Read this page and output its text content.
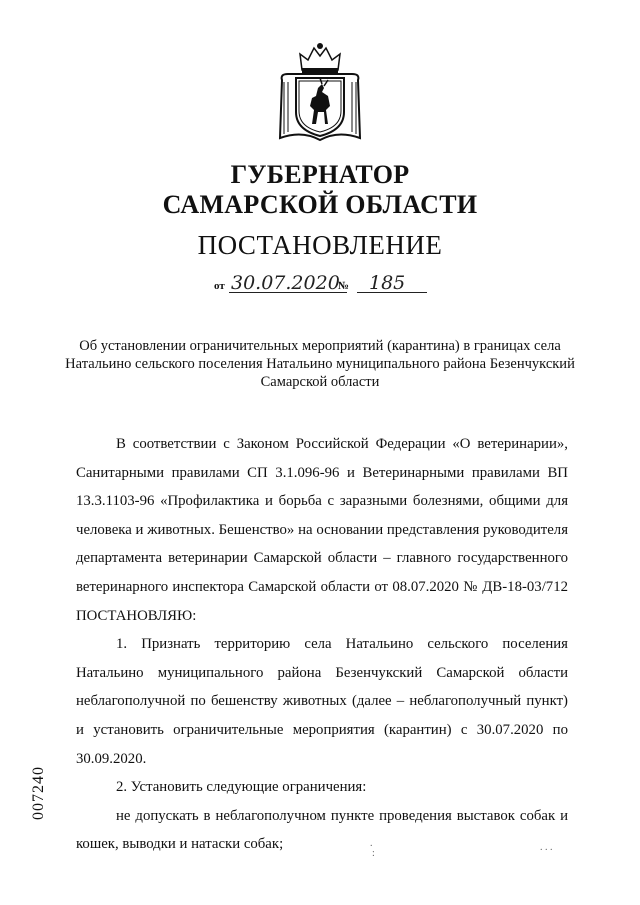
ГУБЕРНАТОР
САМАРСКОЙ ОБЛАСТИ
ПОСТАНОВЛЕНИЕ
от 30.07.2020
№ 185
Об установлении ограничительных мероприятий (карантина) в границах села Натальино сельского поселения Натальино муниципального района Безенчукский Самарской области

В соответствии с Законом Российской Федерации «О ветеринарии», Санитарными правилами СП 3.1.096-96 и Ветеринарными правилами ВП 13.3.1103-96 «Профилактика и борьба с заразными болезнями, общими для человека и животных. Бешенство» на основании представления руководителя департамента ветеринарии Самарской области – главного государственного ветеринарного инспектора Самарской области от 08.07.2020 № ДВ-18-03/712 ПОСТАНОВЛЯЮ:

1. Признать территорию села Натальино сельского поселения Натальино муниципального района Безенчукский Самарской области неблагополучной по бешенству животных (далее – неблагополучный пункт) и установить ограничительные мероприятия (карантин) с 30.07.2020 по 30.09.2020.

2. Установить следующие ограничения:

не допускать в неблагополучном пункте проведения выставок собак и кошек, выводки и натаски собак;

007240
.
:
. . .
